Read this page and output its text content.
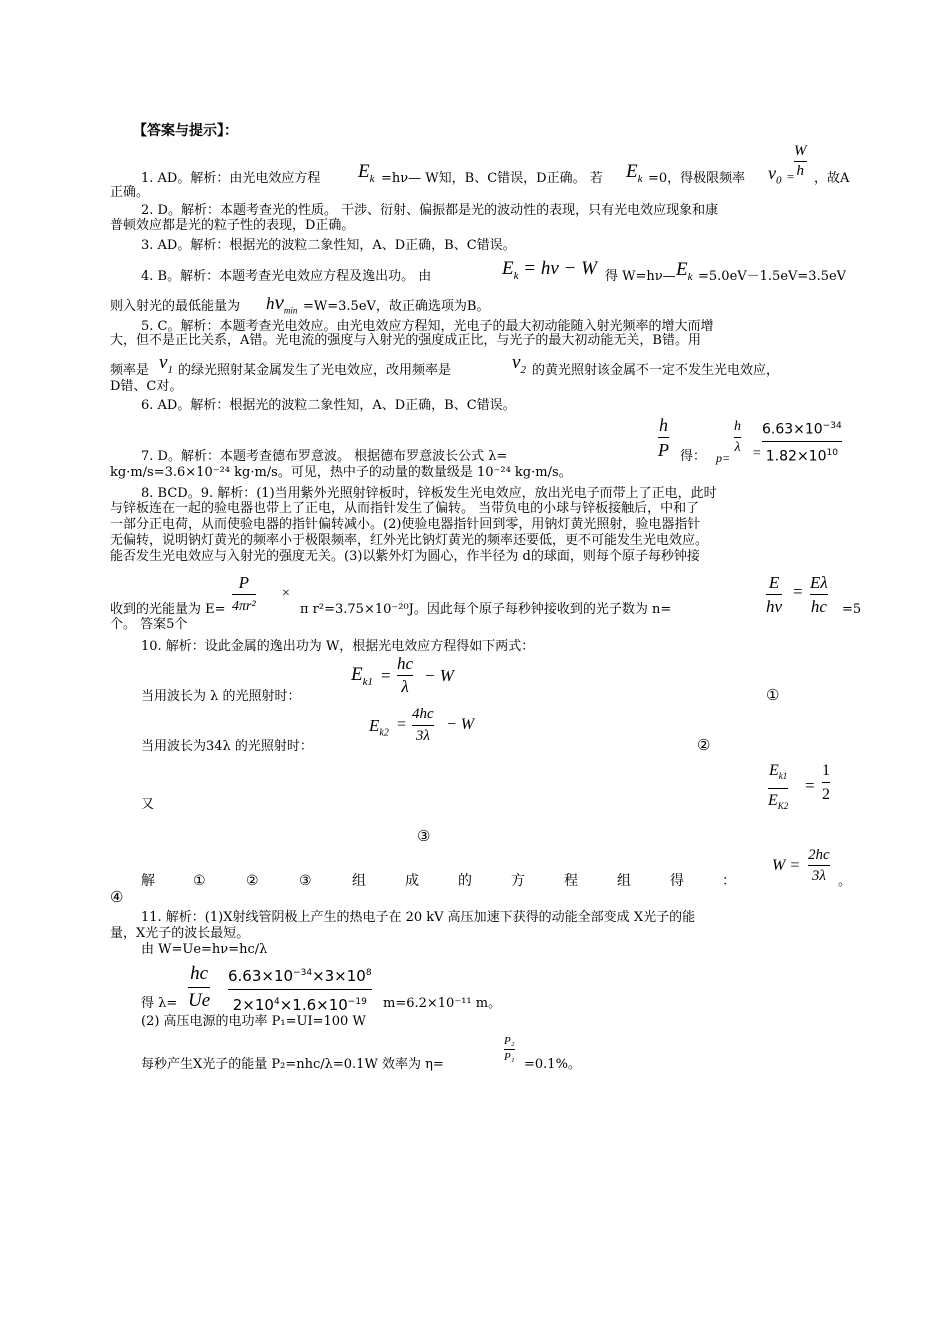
【答案与提示】：
1. AD。解析：由光电效应方程 $E_k$ =hν— W知，B、C错误，D正确。 若 $E_k =0$，得极限频率 $\nu_0$ =
W
h ，故A
正确。
2. D。解析：本题考查光的性质。 干涉、衍射、偏振都是光的波动性的表现，只有光电效应现象和康
普顿效应都是光的粒子性的表现，D正确。
3. AD。解析：根据光的波粒二象性知，A、D正确，B、C错误。
4. B。解析：本题考查光电效应方程及逸出功。 由	$E_k = h\nu - W$ 得 W=hν— $E_k =5.0eV-1.5eV=3.5eV$
则入射光的最低能量为 $h\nu_{min} =W=3.5eV$，故正确选项为B。
5. C。解析：本题考查光电效应。由光电效应方程知，光电子的最大初动能随入射光频率的增大而增
大，但不是正比关系，A错。光电流的强度与入射光的强度成正比，与光子的最大初动能无关，B错。用
频率是 $\nu_1$ 的绿光照射某金属发生了光电效应，改用频率是	$\nu_2$ 的黄光照射该金属不一定不发生光电效应，
D错、C对。
6. AD。解析：根据光的波粒二象性知，A、D正确，B、C错误。
7. D。解析：本题考查德布罗意波。 根据德布罗意波长公式 λ=
h
P 得： p=
h
λ =
$6.63\times 10^{-34}$
$1.82\times 10^{10}$
kg·m/s=3.6×10⁻²⁴ kg·m/s。可见，热中子的动量的数量级是 10⁻²⁴ kg·m/s。
8. BCD。9. 解析：(1)当用紫外光照射锌板时，锌板发生光电效应，放出光电子而带上了正电，此时
与锌板连在一起的验电器也带上了正电，从而指针发生了偏转。 当带负电的小球与锌板接触后，中和了
一部分正电荷，从而使验电器的指针偏转减小。(2)使验电器指针回到零，用钠灯黄光照射，验电器指针
无偏转，说明钠灯黄光的频率小于极限频率，红外光比钠灯黄光的频率还要低，更不可能发生光电效应。
能否发生光电效应与入射光的强度无关。(3)以紫外灯为圆心，作半径为 d的球面，则每个原子每秒钟接
收到的光能量为 E=
P
4πr²
×
π r²=3.75×10⁻²⁰J。因此每个原子每秒钟接收到的光子数为 n=
E
hν
= Eλ
hc =5
个。 答案5个
10. 解析：设此金属的逸出功为 W，根据光电效应方程得如下两式：
$E_{k1}$ =
hc
λ
− W
当用波长为 λ 的光照射时：	①
$E_{k2}$ =
4hc
3λ
− W
当用波长为34λ 的光照射时：	②
$E_{k1}$
$E_{K2}$
=
1
2
又
③
W =
2hc
3λ 。
解	①	②	③	组	成	的	方	程	组	得	：
④
11. 解析：(1)X射线管阴极上产生的热电子在 20 kV 高压加速下获得的动能全部变成 X光子的能
量，X光子的波长最短。
由 W=Ue=hν=hc/λ
得 λ=
hc
Ue
$6.63\times 10^{-34}\times 3\times 10^8$
$2\times 10^4\times 1.6\times 10^{-19}$ m=6.2×10⁻¹¹ m。
(2) 高压电源的电功率 P₁=UI=100 W
每秒产生X光子的能量 P₂=nhc/λ=0.1W 效率为 η=
P₂
P₁ =0.1%。
